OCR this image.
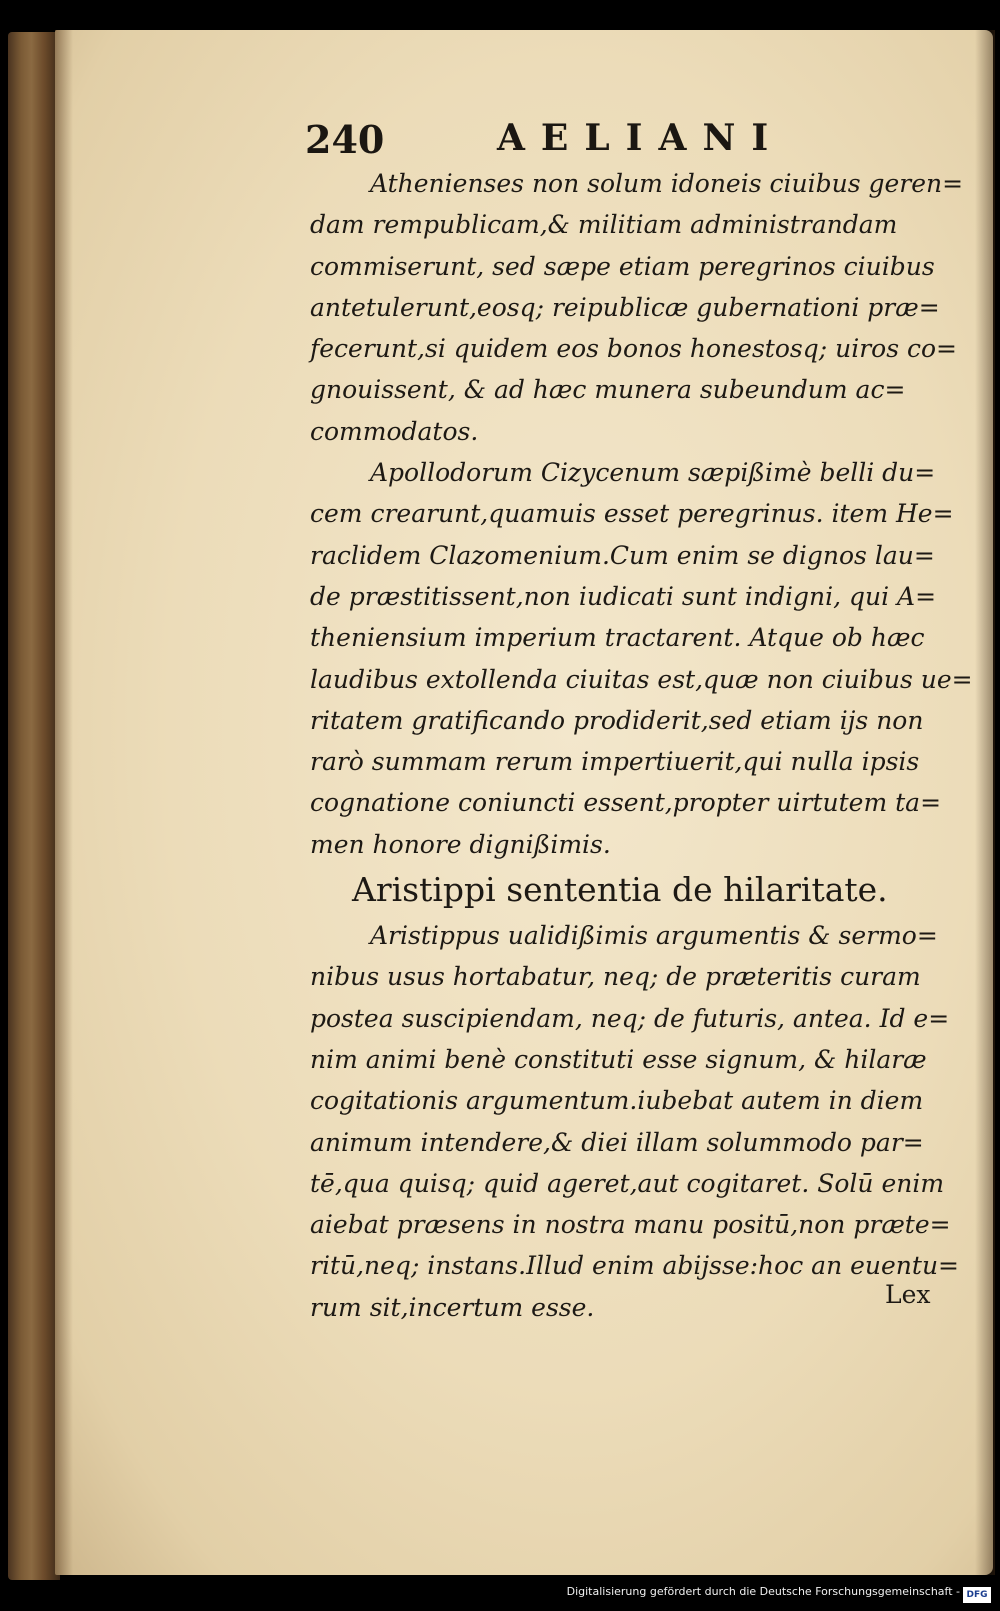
240	AELIANI
Athenienses non solum idoneis ciuibus geren=
dam rempublicam,& militiam administrandam
commiserunt, sed sæpe etiam peregrinos ciuibus
antetulerunt,eosq; reipublicæ gubernationi præ=
fecerunt,si quidem eos bonos honestosq; uiros co=
gnouissent, & ad hæc munera subeundum ac=
commodatos.
Apollodorum Cizycenum sæpißimè belli du=
cem crearunt,quamuis esset peregrinus. item He=
raclidem Clazomenium.Cum enim se dignos lau=
de præstitissent,non iudicati sunt indigni, qui A=
theniensium imperium tractarent. Atque ob hæc
laudibus extollenda ciuitas est,quæ non ciuibus ue=
ritatem gratificando prodiderit,sed etiam ijs non
rarò summam rerum impertiuerit,qui nulla ipsis
cognatione coniuncti essent,propter uirtutem ta=
men honore dignißimis.
Aristippi sententia de hilaritate.
Aristippus ualidißimis argumentis & sermo=
nibus usus hortabatur, neq; de præteritis curam
postea suscipiendam, neq; de futuris, antea. Id e=
nim animi benè constituti esse signum, & hilaræ
cogitationis argumentum.iubebat autem in diem
animum intendere,& diei illam solummodo par=
tē,qua quisq; quid ageret,aut cogitaret. Solū enim
aiebat præsens in nostra manu positū,non præte=
ritū,neq; instans.Illud enim abijsse:hoc an euentu=
rum sit,incertum esse.	Lex
Digitalisierung gefördert durch die Deutsche Forschungsgemeinschaft - DFG
